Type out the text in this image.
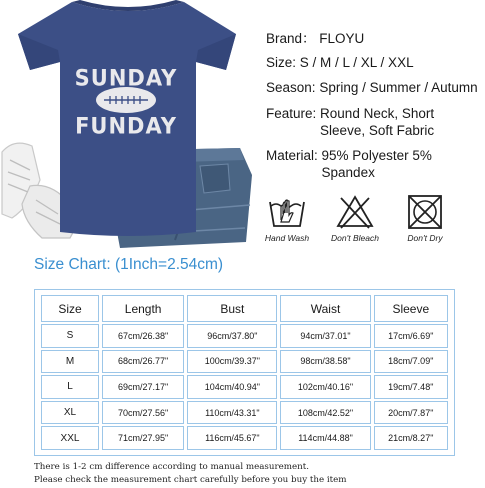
SUNDAY
FUNDAY
Brand： FLOYU
Size: S / M / L / XL / XXL
Season: Spring / Summer / Autumn
Feature: Round Neck, Short Sleeve, Soft Fabric
Material: 95% Polyester 5% Spandex
Hand Wash	Don't Bleach	Don't Dry
Size Chart: (1Inch=2.54cm)
Size	Length	Bust	Waist	Sleeve
S	67cm/26.38"	96cm/37.80"	94cm/37.01"	17cm/6.69"
M	68cm/26.77"	100cm/39.37"	98cm/38.58"	18cm/7.09"
L	69cm/27.17"	104cm/40.94"	102cm/40.16"	19cm/7.48"
XL	70cm/27.56"	110cm/43.31"	108cm/42.52"	20cm/7.87"
XXL	71cm/27.95"	116cm/45.67"	114cm/44.88"	21cm/8.27"
There is 1-2 cm difference according to manual measurement.
Please check the measurement chart carefully before you buy the item
